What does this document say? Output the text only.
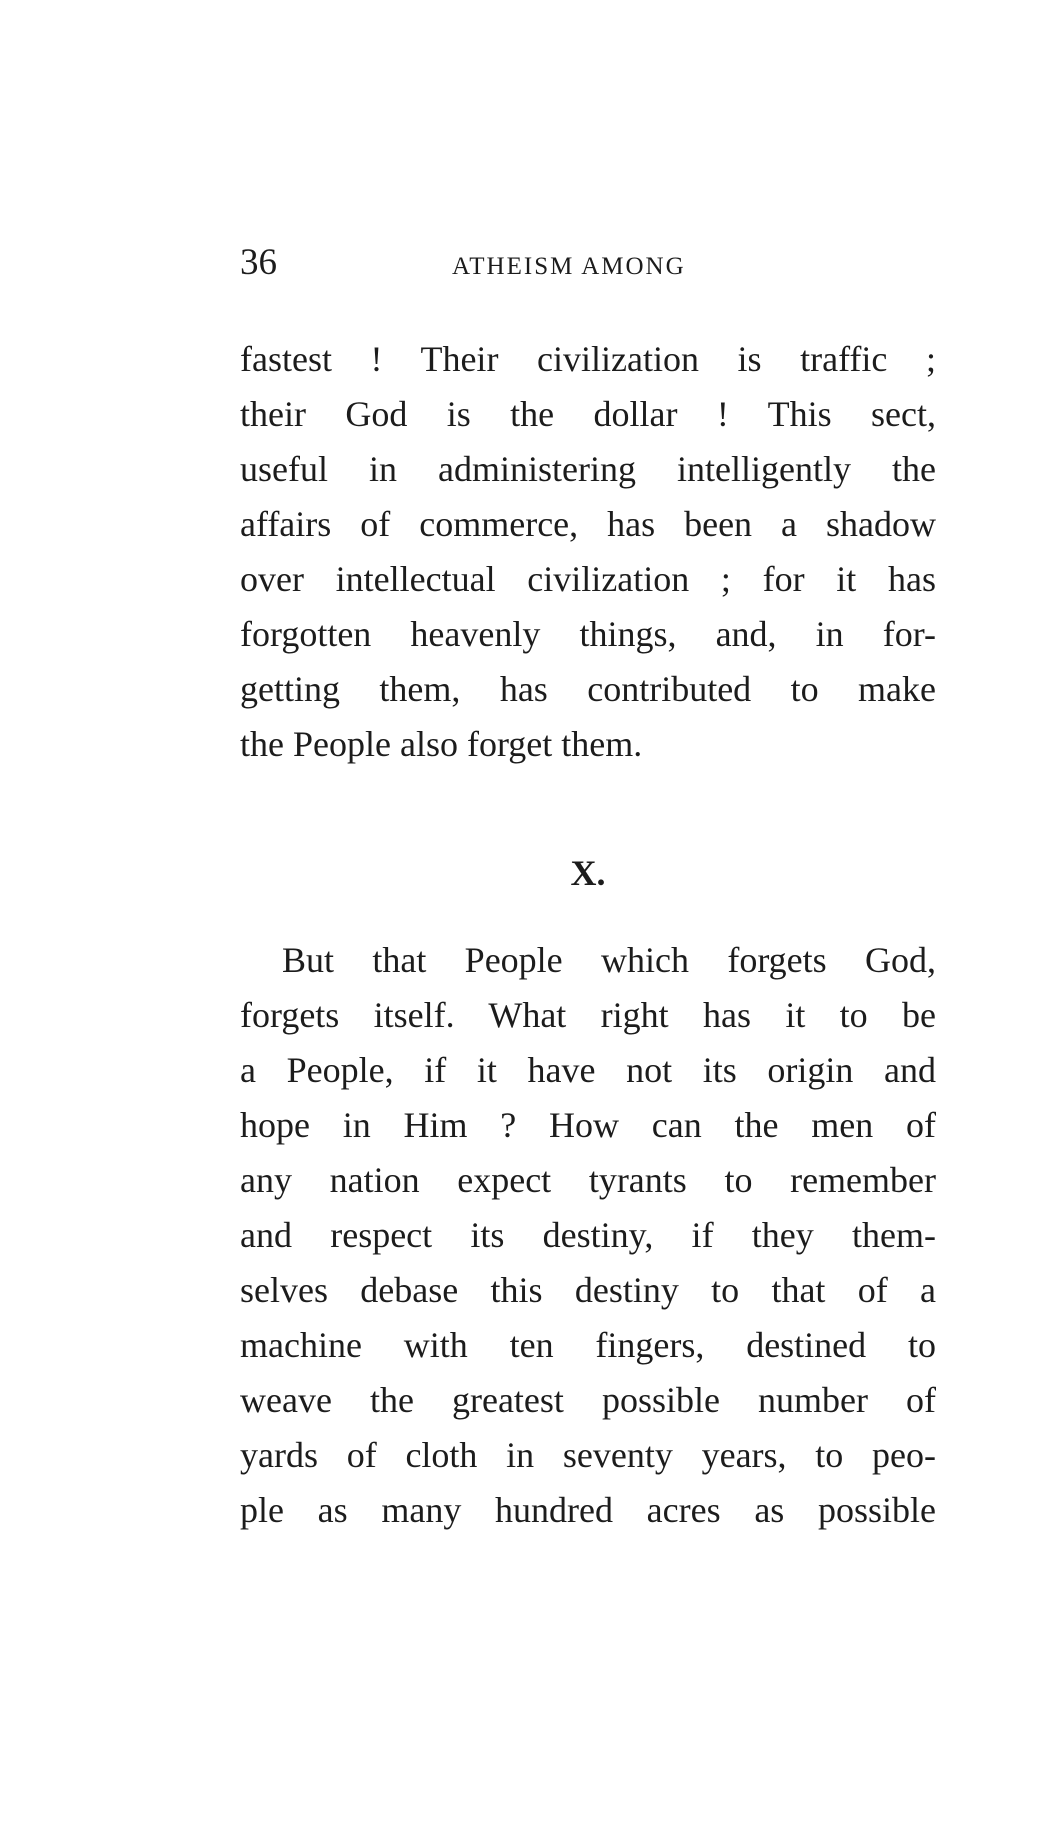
36	ATHEISM AMONG
fastest ! Their civilization is traffic ;
their God is the dollar ! This sect,
useful in administering intelligently the
affairs of commerce, has been a shadow
over intellectual civilization ; for it has
forgotten heavenly things, and, in for-
getting them, has contributed to make
the People also forget them.
X.
But that People which forgets God,
forgets itself. What right has it to be
a People, if it have not its origin and
hope in Him ? How can the men of
any nation expect tyrants to remember
and respect its destiny, if they them-
selves debase this destiny to that of a
machine with ten fingers, destined to
weave the greatest possible number of
yards of cloth in seventy years, to peo-
ple as many hundred acres as possible
